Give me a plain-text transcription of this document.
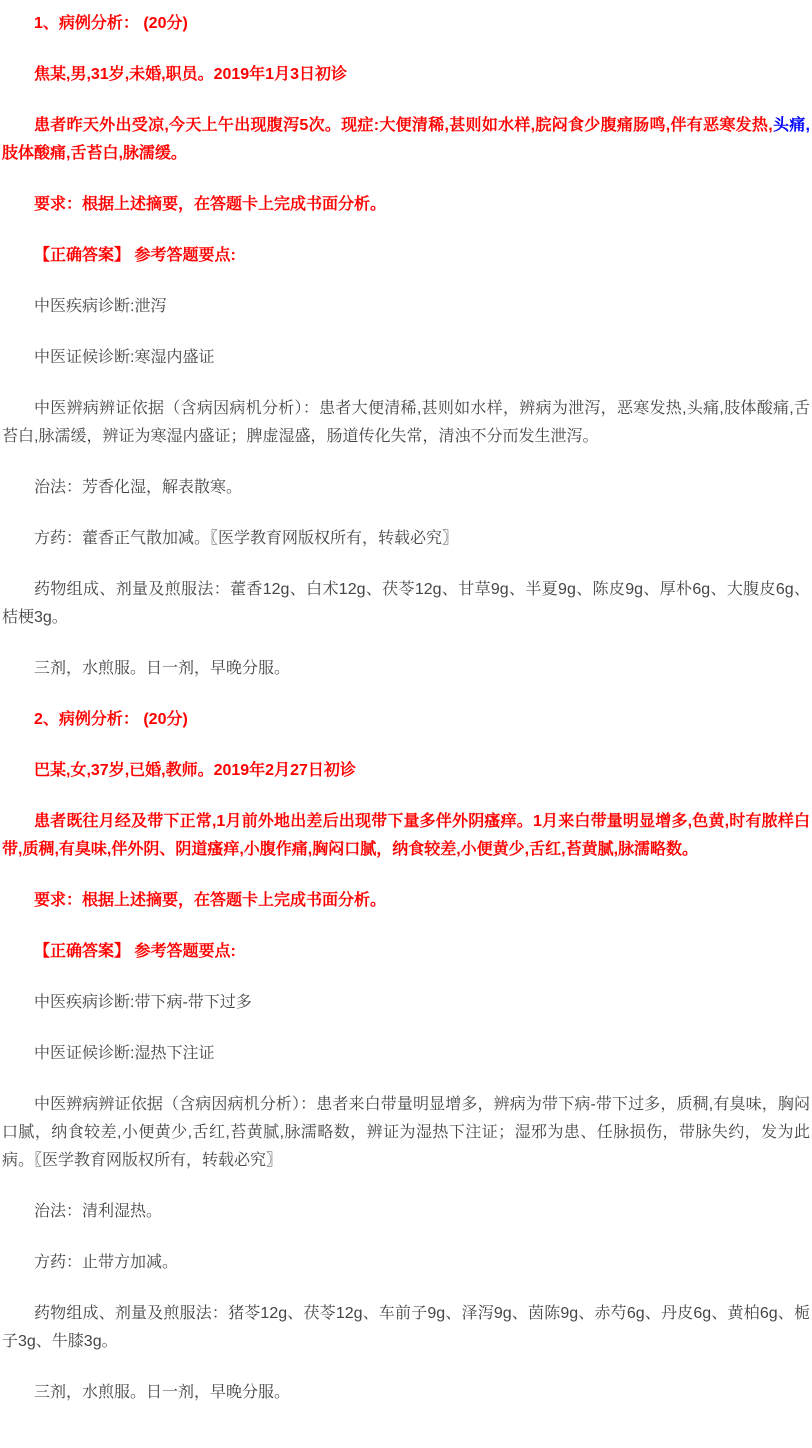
1、病例分析： (20分)

焦某,男,31岁,未婚,职员。2019年1月3日初诊

患者昨天外出受凉,今天上午出现腹泻5次。现症:大便清稀,甚则如水样,脘闷食少腹痛肠鸣,伴有恶寒发热,头痛,肢体酸痛,舌苔白,脉濡缓。

要求：根据上述摘要，在答题卡上完成书面分析。

【正确答案】 参考答题要点:

中医疾病诊断:泄泻

中医证候诊断:寒湿内盛证

中医辨病辨证依据（含病因病机分析）：患者大便清稀,甚则如水样，辨病为泄泻，恶寒发热,头痛,肢体酸痛,舌苔白,脉濡缓，辨证为寒湿内盛证；脾虚湿盛，肠道传化失常，清浊不分而发生泄泻。

治法：芳香化湿，解表散寒。

方药：藿香正气散加减。〖医学教育网版权所有，转载必究〗

药物组成、剂量及煎服法：藿香12g、白术12g、茯苓12g、甘草9g、半夏9g、陈皮9g、厚朴6g、大腹皮6g、桔梗3g。

三剂，水煎服。日一剂，早晚分服。

2、病例分析： (20分)

巴某,女,37岁,已婚,教师。2019年2月27日初诊

患者既往月经及带下正常,1月前外地出差后出现带下量多伴外阴瘙痒。1月来白带量明显增多,色黄,时有脓样白带,质稠,有臭味,伴外阴、阴道瘙痒,小腹作痛,胸闷口腻，纳食较差,小便黄少,舌红,苔黄腻,脉濡略数。

要求：根据上述摘要，在答题卡上完成书面分析。

【正确答案】 参考答题要点:

中医疾病诊断:带下病-带下过多

中医证候诊断:湿热下注证

中医辨病辨证依据（含病因病机分析）：患者来白带量明显增多，辨病为带下病-带下过多，质稠,有臭味，胸闷口腻，纳食较差,小便黄少,舌红,苔黄腻,脉濡略数，辨证为湿热下注证；湿邪为患、任脉损伤，带脉失约，发为此病。〖医学教育网版权所有，转载必究〗

治法：清利湿热。

方药：止带方加减。

药物组成、剂量及煎服法：猪苓12g、茯苓12g、车前子9g、泽泻9g、茵陈9g、赤芍6g、丹皮6g、黄柏6g、栀子3g、牛膝3g。

三剂，水煎服。日一剂，早晚分服。
